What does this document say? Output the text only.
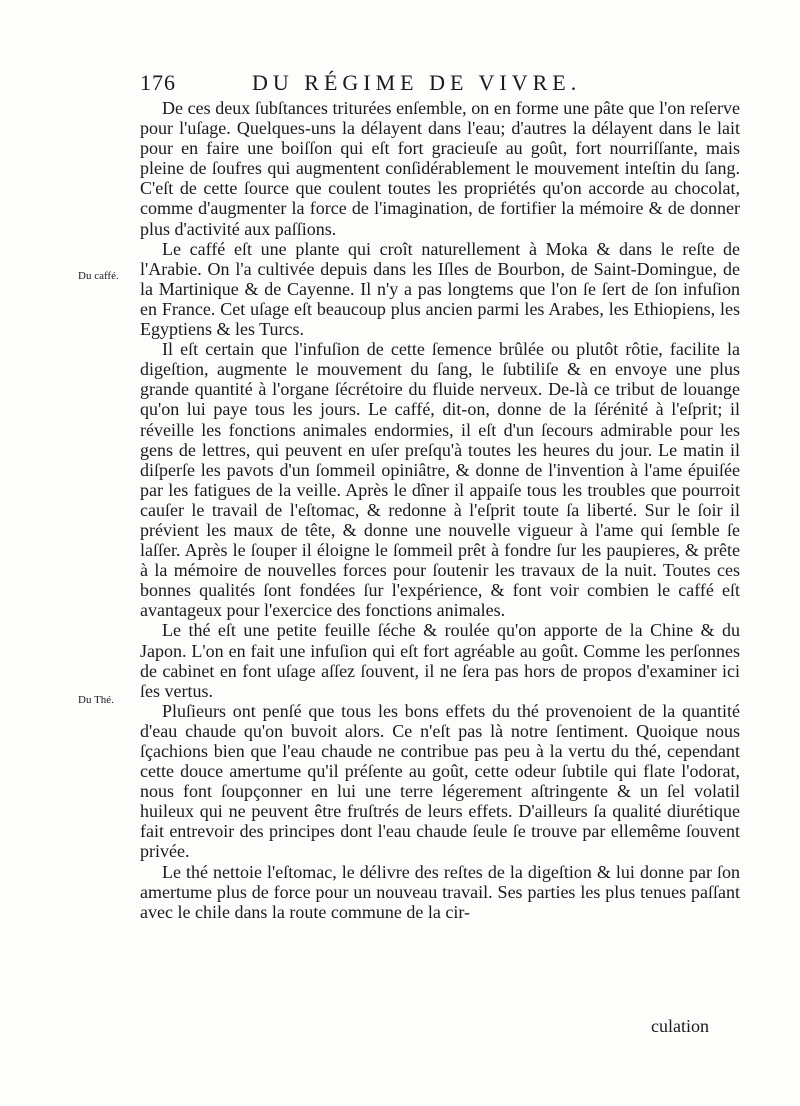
176	DU RÉGIME DE VIVRE.
Du caffé.
Du Thé.

De ces deux ſubſtances triturées enſemble, on en forme une pâte que l'on reſerve pour l'uſage. Quelques-uns la délayent dans l'eau; d'autres la délayent dans le lait pour en faire une boiſſon qui eſt fort gracieuſe au goût, fort nourriſſante, mais pleine de ſoufres qui augmentent conſidérablement le mouvement inteſtin du ſang. C'eſt de cette ſource que coulent toutes les propriétés qu'on accorde au chocolat, comme d'augmenter la force de l'imagination, de fortifier la mémoire & de donner plus d'activité aux paſſions.

Le caffé eſt une plante qui croît naturellement à Moka & dans le reſte de l'Arabie. On l'a cultivée depuis dans les Iſles de Bourbon, de Saint-Domingue, de la Martinique & de Cayenne. Il n'y a pas longtems que l'on ſe ſert de ſon infuſion en France. Cet uſage eſt beaucoup plus ancien parmi les Arabes, les Ethiopiens, les Egyptiens & les Turcs.

Il eſt certain que l'infuſion de cette ſemence brûlée ou plutôt rôtie, facilite la digeſtion, augmente le mouvement du ſang, le ſubtiliſe & en envoye une plus grande quantité à l'organe ſécrétoire du fluide nerveux. De-là ce tribut de louange qu'on lui paye tous les jours. Le caffé, dit-on, donne de la ſérénité à l'eſprit; il réveille les fonctions animales endormies, il eſt d'un ſecours admirable pour les gens de lettres, qui peuvent en uſer preſqu'à toutes les heures du jour. Le matin il diſperſe les pavots d'un ſommeil opiniâtre, & donne de l'invention à l'ame épuiſée par les fatigues de la veille. Après le dîner il appaiſe tous les troubles que pourroit cauſer le travail de l'eſtomac, & redonne à l'eſprit toute ſa liberté. Sur le ſoir il prévient les maux de tête, & donne une nouvelle vigueur à l'ame qui ſemble ſe laſſer. Après le ſouper il éloigne le ſommeil prêt à fondre ſur les paupieres, & prête à la mémoire de nouvelles forces pour ſoutenir les travaux de la nuit. Toutes ces bonnes qualités ſont fondées ſur l'expérience, & font voir combien le caffé eſt avantageux pour l'exercice des fonctions animales.

Le thé eſt une petite feuille ſéche & roulée qu'on apporte de la Chine & du Japon. L'on en fait une infuſion qui eſt fort agréable au goût. Comme les perſonnes de cabinet en font uſage aſſez ſouvent, il ne ſera pas hors de propos d'examiner ici ſes vertus.

Pluſieurs ont penſé que tous les bons effets du thé provenoient de la quantité d'eau chaude qu'on buvoit alors. Ce n'eſt pas là notre ſentiment. Quoique nous ſçachions bien que l'eau chaude ne contribue pas peu à la vertu du thé, cependant cette douce amertume qu'il préſente au goût, cette odeur ſubtile qui flate l'odorat, nous font ſoupçonner en lui une terre légerement aſtringente & un ſel volatil huileux qui ne peuvent être fruſtrés de leurs effets. D'ailleurs ſa qualité diurétique fait entrevoir des principes dont l'eau chaude ſeule ſe trouve par ellemême ſouvent privée.

Le thé nettoie l'eſtomac, le délivre des reſtes de la digeſtion & lui donne par ſon amertume plus de force pour un nouveau travail. Ses parties les plus tenues paſſant avec le chile dans la route commune de la cir-

culation
